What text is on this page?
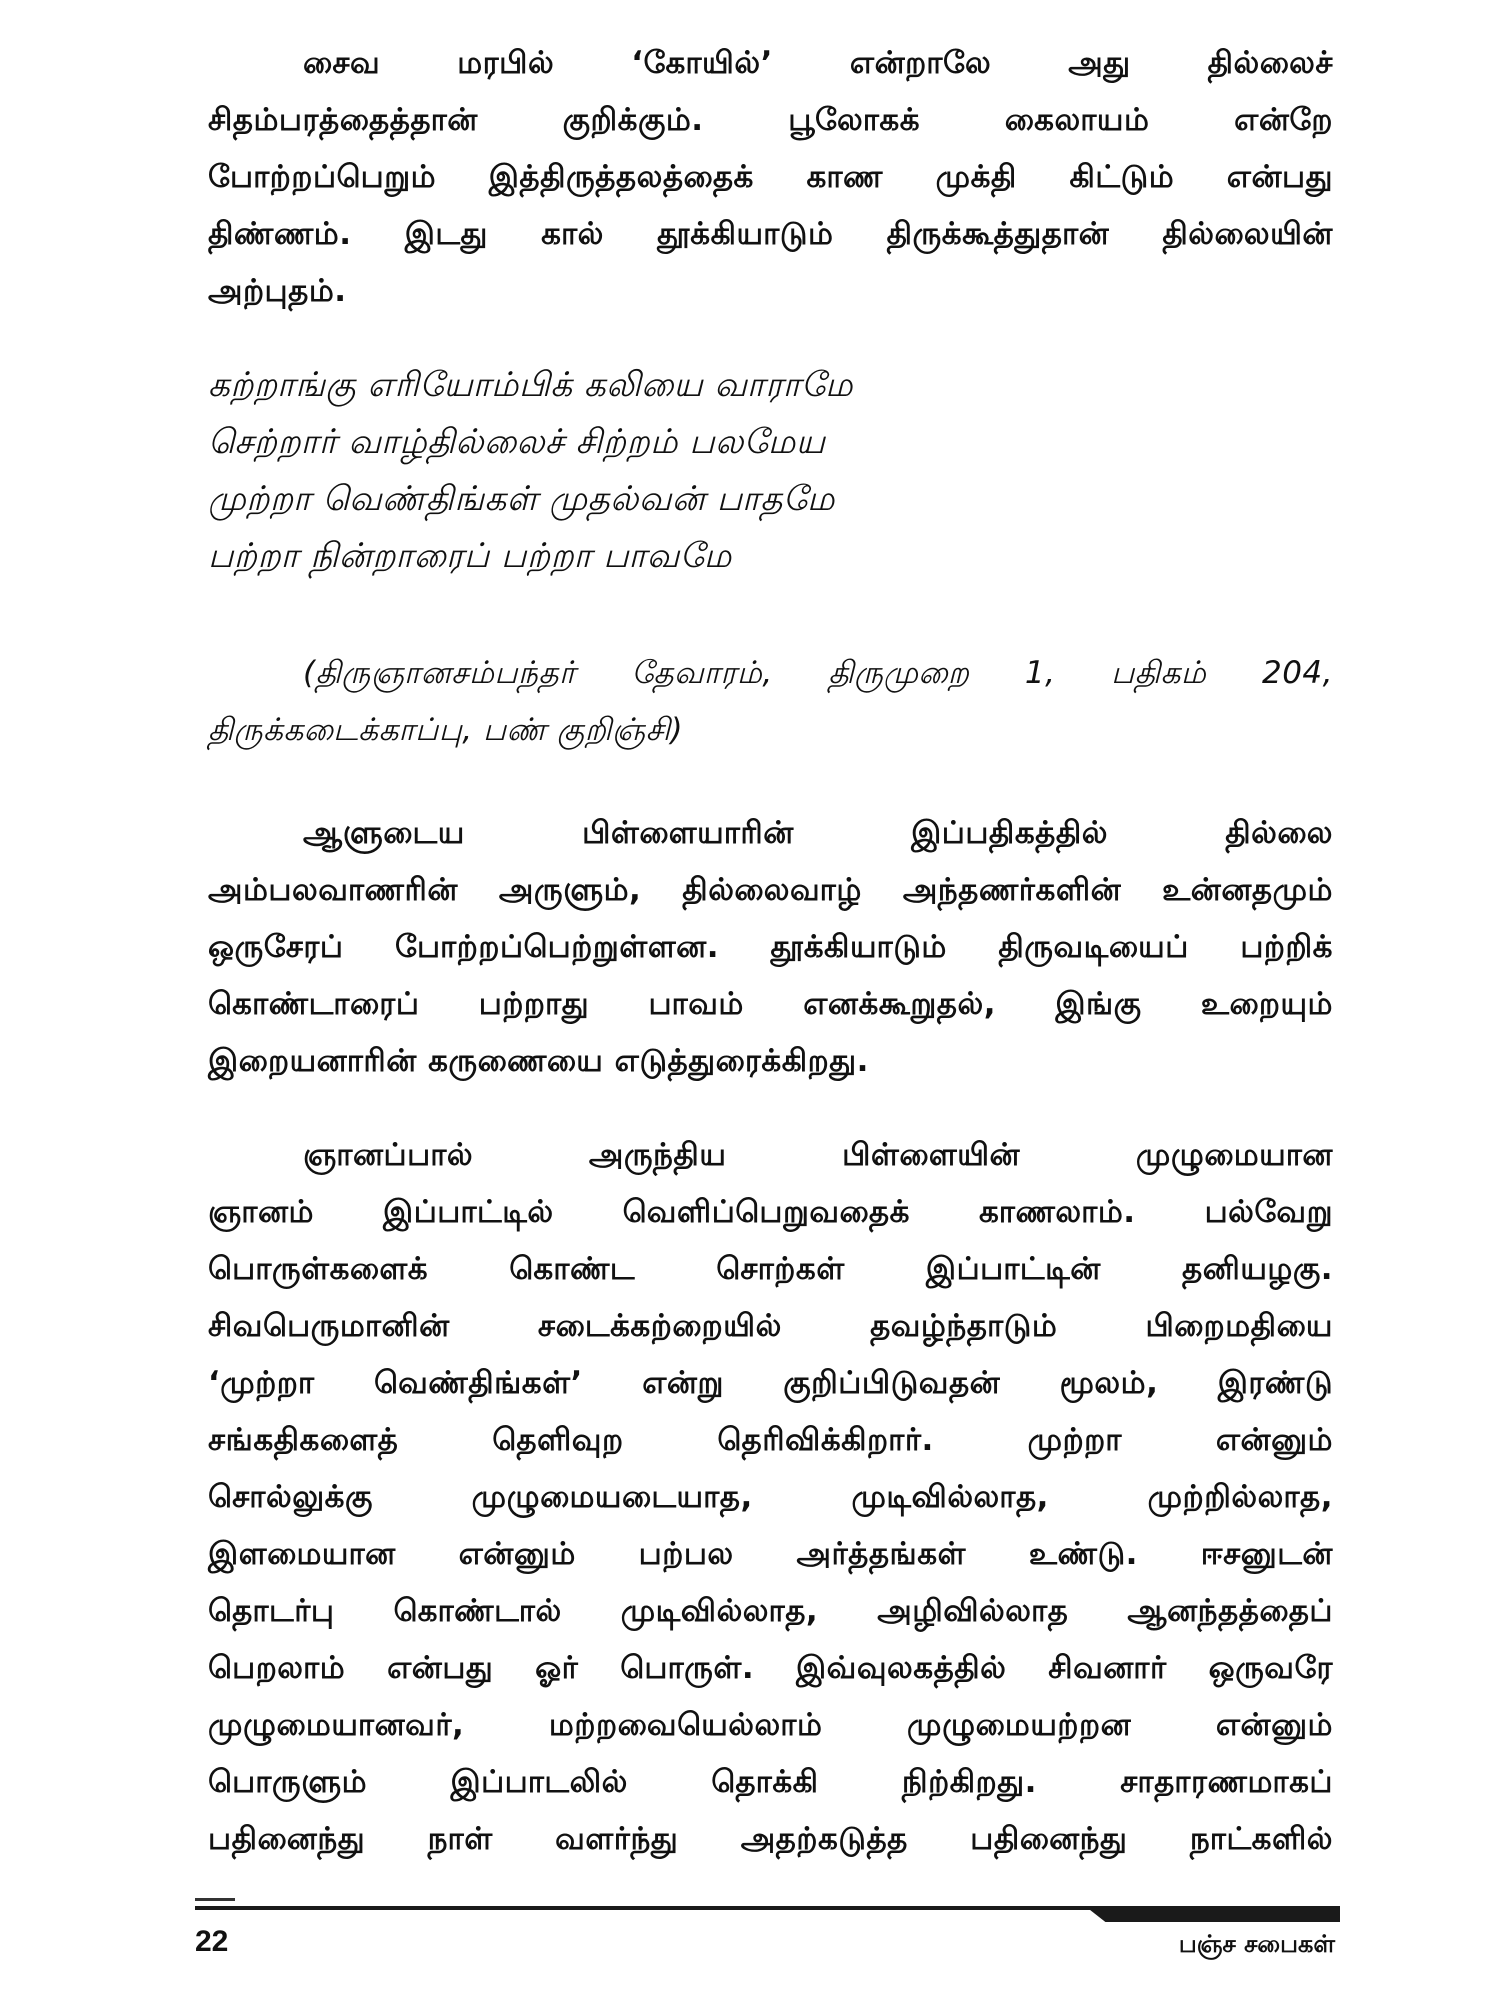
சைவ மரபில் ‘கோயில்’ என்றாலே அது தில்லைச்

சிதம்பரத்தைத்தான் குறிக்கும். பூலோகக் கைலாயம் என்றே

போற்றப்பெறும் இத்திருத்தலத்தைக் காண முக்தி கிட்டும் என்பது

திண்ணம். இடது கால் தூக்கியாடும் திருக்கூத்துதான் தில்லையின்

அற்புதம்.

கற்றாங்கு எரியோம்பிக் கலியை வாராமே

செற்றார் வாழ்தில்லைச் சிற்றம் பலமேய

முற்றா வெண்திங்கள் முதல்வன் பாதமே

பற்றா நின்றாரைப் பற்றா பாவமே

(திருஞானசம்பந்தர் தேவாரம், திருமுறை 1, பதிகம் 204,

திருக்கடைக்காப்பு, பண் குறிஞ்சி)

ஆளுடைய பிள்ளையாரின் இப்பதிகத்தில் தில்லை

அம்பலவாணரின் அருளும், தில்லைவாழ் அந்தணர்களின் உன்னதமும்

ஒருசேரப் போற்றப்பெற்றுள்ளன. தூக்கியாடும் திருவடியைப் பற்றிக்

கொண்டாரைப் பற்றாது பாவம் எனக்கூறுதல், இங்கு உறையும்

இறையனாரின் கருணையை எடுத்துரைக்கிறது.

ஞானப்பால் அருந்திய பிள்ளையின் முழுமையான

ஞானம் இப்பாட்டில் வெளிப்பெறுவதைக் காணலாம். பல்வேறு

பொருள்களைக் கொண்ட சொற்கள் இப்பாட்டின் தனியழகு.

சிவபெருமானின் சடைக்கற்றையில் தவழ்ந்தாடும் பிறைமதியை

‘முற்றா வெண்திங்கள்’ என்று குறிப்பிடுவதன் மூலம், இரண்டு

சங்கதிகளைத் தெளிவுற தெரிவிக்கிறார். முற்றா என்னும்

சொல்லுக்கு முழுமையடையாத, முடிவில்லாத, முற்றில்லாத,

இளமையான என்னும் பற்பல அர்த்தங்கள் உண்டு. ஈசனுடன்

தொடர்பு கொண்டால் முடிவில்லாத, அழிவில்லாத ஆனந்தத்தைப்

பெறலாம் என்பது ஓர் பொருள். இவ்வுலகத்தில் சிவனார் ஒருவரே

முழுமையானவர், மற்றவையெல்லாம் முழுமையற்றன என்னும்

பொருளும் இப்பாடலில் தொக்கி நிற்கிறது. சாதாரணமாகப்

பதினைந்து நாள் வளர்ந்து அதற்கடுத்த பதினைந்து நாட்களில்

22	பஞ்ச சபைகள்
